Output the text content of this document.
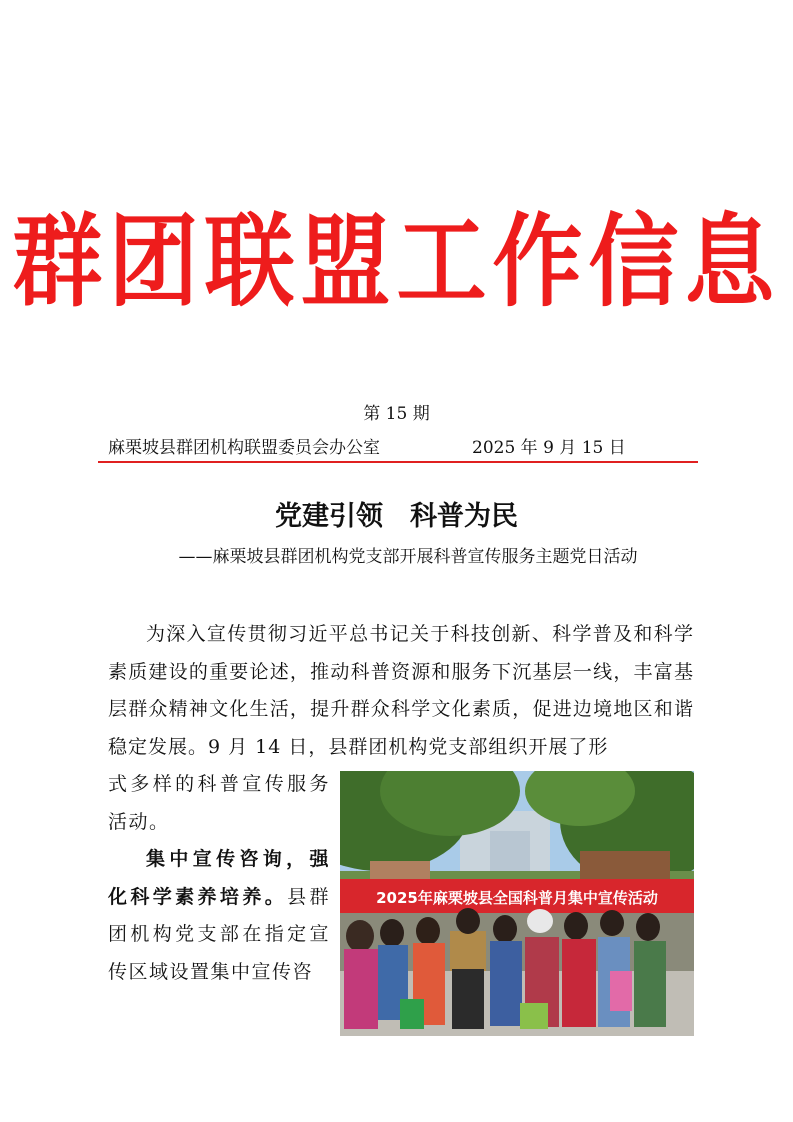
群团联盟工作信息
第 15 期
麻栗坡县群团机构联盟委员会办公室	2025 年 9 月 15 日
党建引领　科普为民
——麻栗坡县群团机构党支部开展科普宣传服务主题党日活动

为深入宣传贯彻习近平总书记关于科技创新、科学普及和科学素质建设的重要论述，推动科普资源和服务下沉基层一线，丰富基层群众精神文化生活，提升群众科学文化素质，促进边境地区和谐稳定发展。9 月 14 日，县群团机构党支部组织开展了形

式多样的科普宣传服务活动。

集中宣传咨询，强化科学素养培养。县群团机构党支部在指定宣传区域设置集中宣传咨

2025年麻栗坡县全国科普月集中宣传活动
